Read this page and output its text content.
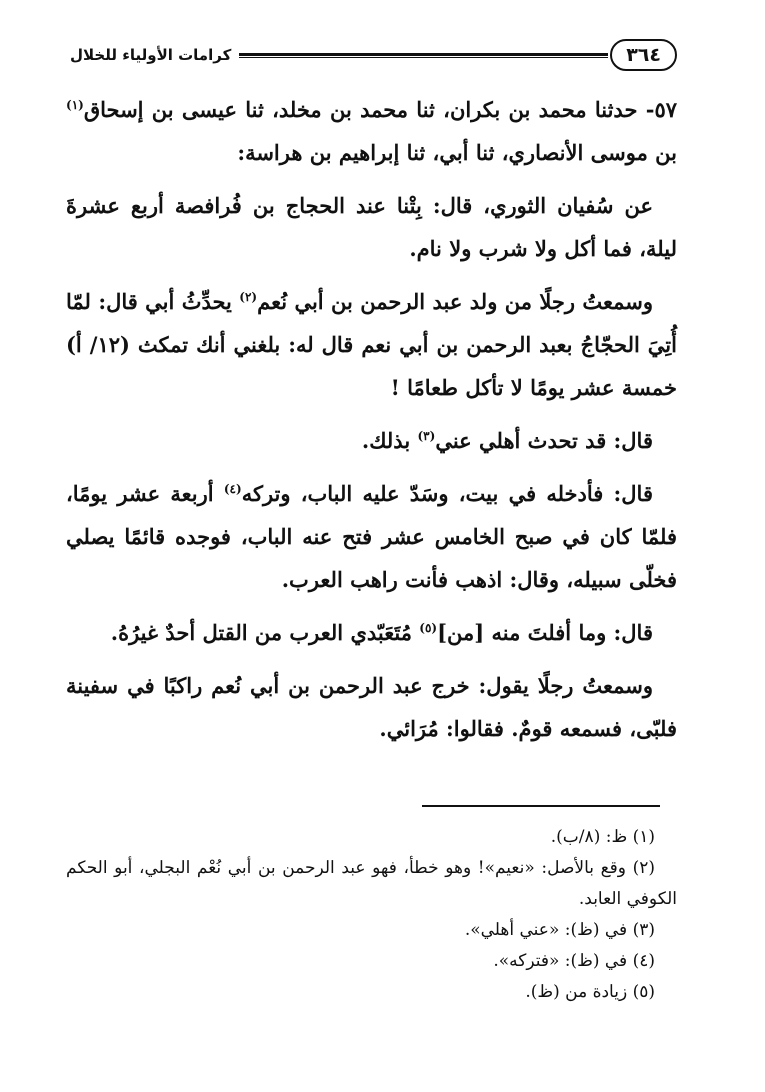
كرامات الأولياء للخلال	٣٦٤

٥٧- حدثنا محمد بن بكران، ثنا محمد بن مخلد، ثنا عيسى بن إسحاق$^{(١)}$ بن موسى الأنصاري، ثنا أبي، ثنا إبراهيم بن هراسة:

عن سُفيان الثوري، قال: بِتْنا عند الحجاج بن فُرافصة أربع عشرةَ ليلة، فما أكل ولا شرب ولا نام.

وسمعتُ رجلًا من ولد عبد الرحمن بن أبي نُعم$^{(٢)}$ يحدِّثُ أبي قال: لمّا أُتِيَ الحجّاجُ بعبد الرحمن بن أبي نعم قال له: بلغني أنك تمكث (١٢/ أ) خمسة عشر يومًا لا تأكل طعامًا !

قال: قد تحدث أهلي عني$^{(٣)}$ بذلك.

قال: فأدخله في بيت، وسَدّ عليه الباب، وتركه$^{(٤)}$ أربعة عشر يومًا، فلمّا كان في صبح الخامس عشر فتح عنه الباب، فوجده قائمًا يصلي فخلّى سبيله، وقال: اذهب فأنت راهب العرب.

قال: وما أفلتَ منه [من]$^{(٥)}$ مُتَعَبّدي العرب من القتل أحدٌ غيرُهُ.

وسمعتُ رجلًا يقول: خرج عبد الرحمن بن أبي نُعم راكبًا في سفينة فلبّى، فسمعه قومٌ. فقالوا: مُرَائي.

(١) ظ: (٨/ب).
(٢) وقع بالأصل: «نعيم»! وهو خطأ، فهو عبد الرحمن بن أبي نُعْم البجلي، أبو الحكم الكوفي العابد.
(٣) في (ظ): «عني أهلي».
(٤) في (ظ): «فتركه».
(٥) زيادة من (ظ).
